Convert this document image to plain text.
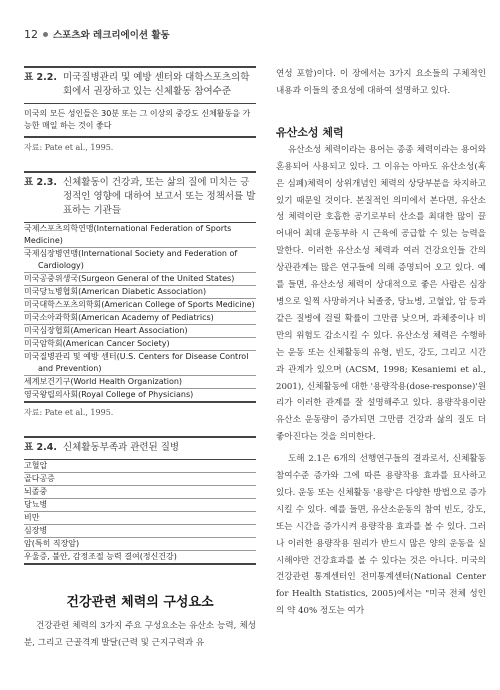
12 스포츠와 레크리에이션 활동
표 2.2. 미국질병관리 및 예방 센터와 대학스포츠의학회에서 권장하고 있는 신체활동 참여수준
미국의 모든 성인들은 30분 또는 그 이상의 중강도 신체활동을 가능한 매일 하는 것이 좋다
자료: Pate et al., 1995.
표 2.3. 신체활동이 건강과, 또는 삶의 질에 미치는 긍정적인 영향에 대하여 보고서 또는 정책서를 발표하는 기관들
국제스포츠의학연맹(International Federation of Sports Medicine)
국제심장병연맹(International Society and Federation of
Cardiology)
미국공중위생국(Surgeon General of the United States)
미국당뇨병협회(American Diabetic Association)
미국대학스포츠의학회(American College of Sports Medicine)
미국소아과학회(American Academy of Pediatrics)
미국심장협회(American Heart Association)
미국암학회(American Cancer Society)
미국질병관리 및 예방 센터(U.S. Centers for Disease Control
and Prevention)
세계보건기구(World Health Organization)
영국왕립의사회(Royal College of Physicians)
자료: Pate et al., 1995.
표 2.4. 신체활동부족과 관련된 질병
고혈압
골다공증
뇌졸중
당뇨병
비만
심장병
암(특히 직장암)
우울증, 불안, 감정조절 능력 결여(정신건강)

건강관련 체력의 구성요소

건강관련 체력의 3가지 주요 구성요소는 유산소 능력, 체성분, 그리고 근골격계 발달(근력 및 근지구력과 유

연성 포함)이다. 이 장에서는 3가지 요소들의 구체적인 내용과 이들의 중요성에 대하여 설명하고 있다.

유산소성 체력

유산소성 체력이라는 용어는 종종 체력이라는 용어와 혼용되어 사용되고 있다. 그 이유는 아마도 유산소성(혹은 심폐)체력이 상위개념인 체력의 상당부분을 차지하고 있기 때문일 것이다. 본질적인 의미에서 본다면, 유산소성 체력이란 호흡한 공기로부터 산소를 최대한 많이 끌어내어 최대 운동부하 시 근육에 공급할 수 있는 능력을 말한다. 이러한 유산소성 체력과 여러 건강요인들 간의 상관관계는 많은 연구들에 의해 증명되어 오고 있다. 예를 들면, 유산소성 체력이 상대적으로 좋은 사람은 심장병으로 일찍 사망하거나 뇌졸중, 당뇨병, 고혈압, 암 등과 같은 질병에 걸릴 확률이 그만큼 낮으며, 과체중이나 비만의 위험도 감소시킬 수 있다. 유산소성 체력은 수행하는 운동 또는 신체활동의 유형, 빈도, 강도, 그리고 시간과 관계가 있으며 (ACSM, 1998; Kesaniemi et al., 2001), 신체활동에 대한 '용량작용(dose-response)'원리가 이러한 관계를 잘 설명해주고 있다. 용량작용이란 유산소 운동량이 증가되면 그만큼 건강과 삶의 질도 더 좋아진다는 것을 의미한다.

도해 2.1은 6개의 선행연구들의 결과로서, 신체활동 참여수준 증가와 그에 따른 용량작용 효과를 묘사하고 있다. 운동 또는 신체활동 '용량'은 다양한 방법으로 증가시킬 수 있다. 예를 들면, 유산소운동의 참여 빈도, 강도, 또는 시간을 증가시켜 용량작용 효과를 볼 수 있다. 그러나 이러한 용량작용 원리가 반드시 많은 양의 운동을 실시해야만 건강효과를 볼 수 있다는 것은 아니다. 미국의 건강관련 통계센터인 전미통계센터(National Center for Health Statistics, 2005)에서는 "미국 전체 성인의 약 40% 정도는 여가
